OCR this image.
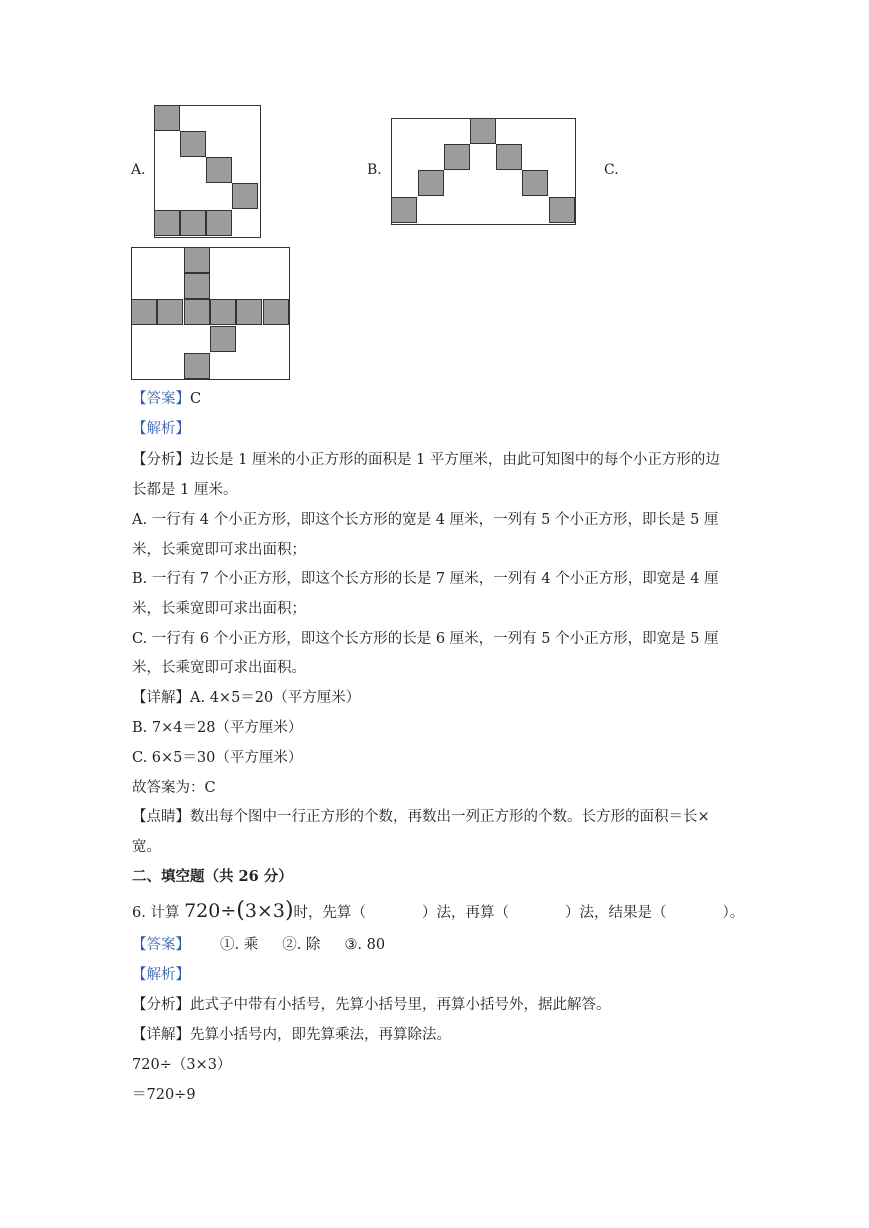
A.	B.	C.
【答案】C
【解析】
【分析】边长是 1 厘米的小正方形的面积是 1 平方厘米，由此可知图中的每个小正方形的边
长都是 1 厘米。
A. 一行有 4 个小正方形，即这个长方形的宽是 4 厘米，一列有 5 个小正方形，即长是 5 厘
米，长乘宽即可求出面积；
B. 一行有 7 个小正方形，即这个长方形的长是 7 厘米，一列有 4 个小正方形，即宽是 4 厘
米，长乘宽即可求出面积；
C. 一行有 6 个小正方形，即这个长方形的长是 6 厘米，一列有 5 个小正方形，即宽是 5 厘
米，长乘宽即可求出面积。
【详解】A. 4×5＝20（平方厘米）
B. 7×4＝28（平方厘米）
C. 6×5＝30（平方厘米）
故答案为：C
【点睛】数出每个图中一行正方形的个数，再数出一列正方形的个数。长方形的面积＝长×
宽。
二、填空题（共 26 分）
6. 计算 720÷(3×3)时，先算（	）法，再算（	）法，结果是（	）。
【答案】 ①. 乘 ②. 除 ③. 80
【解析】
【分析】此式子中带有小括号，先算小括号里，再算小括号外，据此解答。
【详解】先算小括号内，即先算乘法，再算除法。
720÷（3×3）
＝720÷9
